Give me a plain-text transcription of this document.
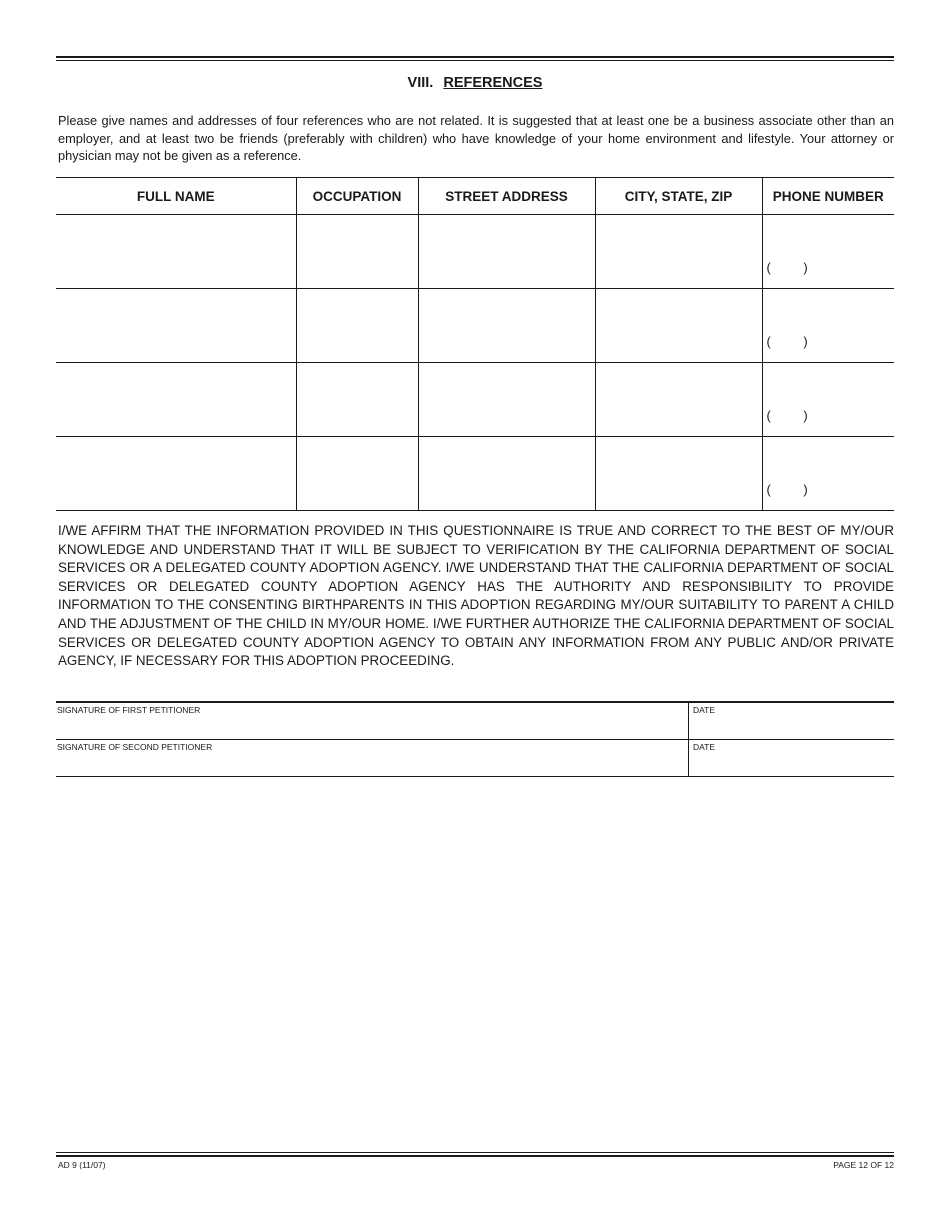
VIII. REFERENCES
Please give names and addresses of four references who are not related. It is suggested that at least one be a business associate other than an employer, and at least two be friends (preferably with children) who have knowledge of your home environment and lifestyle. Your attorney or physician may not be given as a reference.
FULL NAME	OCCUPATION	STREET ADDRESS	CITY, STATE, ZIP	PHONE NUMBER

				(         )

				(         )

				(         )

				(         )
I/WE AFFIRM THAT THE INFORMATION PROVIDED IN THIS QUESTIONNAIRE IS TRUE AND CORRECT TO THE BEST OF MY/OUR KNOWLEDGE AND UNDERSTAND THAT IT WILL BE SUBJECT TO VERIFICATION BY THE CALIFORNIA DEPARTMENT OF SOCIAL SERVICES OR A DELEGATED COUNTY ADOPTION AGENCY. I/WE UNDERSTAND THAT THE CALIFORNIA DEPARTMENT OF SOCIAL SERVICES OR DELEGATED COUNTY ADOPTION AGENCY HAS THE AUTHORITY AND RESPONSIBILITY TO PROVIDE INFORMATION TO THE CONSENTING BIRTHPARENTS IN THIS ADOPTION REGARDING MY/OUR SUITABILITY TO PARENT A CHILD AND THE ADJUSTMENT OF THE CHILD IN MY/OUR HOME. I/WE FURTHER AUTHORIZE THE CALIFORNIA DEPARTMENT OF SOCIAL SERVICES OR DELEGATED COUNTY ADOPTION AGENCY TO OBTAIN ANY INFORMATION FROM ANY PUBLIC AND/OR PRIVATE AGENCY, IF NECESSARY FOR THIS ADOPTION PROCEEDING.
SIGNATURE OF FIRST PETITIONER	DATE
SIGNATURE OF SECOND PETITIONER	DATE
AD 9 (11/07)	PAGE 12 OF 12
